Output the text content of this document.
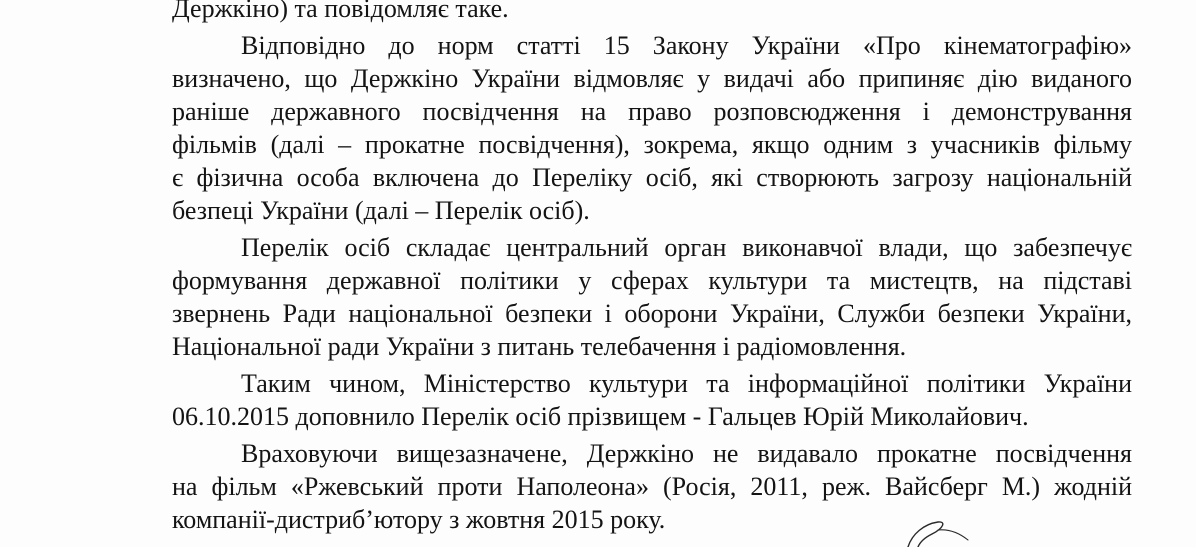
Держкіно) та повідомляє таке.
Відповідно до норм статті 15 Закону України «Про кінематографію»
визначено, що Держкіно України відмовляє у видачі або припиняє дію виданого
раніше державного посвідчення на право розповсюдження і демонстрування
фільмів (далі – прокатне посвідчення), зокрема, якщо одним з учасників фільму
є фізична особа включена до Переліку осіб, які створюють загрозу національній
безпеці України (далі – Перелік осіб).
Перелік осіб складає центральний орган виконавчої влади, що забезпечує
формування державної політики у сферах культури та мистецтв, на підставі
звернень Ради національної безпеки і оборони України, Служби безпеки України,
Національної ради України з питань телебачення і радіомовлення.
Таким чином, Міністерство культури та інформаційної політики України
06.10.2015 доповнило Перелік осіб прізвищем - Гальцев Юрій Миколайович.
Враховуючи вищезазначене, Держкіно не видавало прокатне посвідчення
на фільм «Ржевський проти Наполеона» (Росія, 2011, реж. Вайсберг М.) жодній
компанії-дистриб’ютору з жовтня 2015 року.
